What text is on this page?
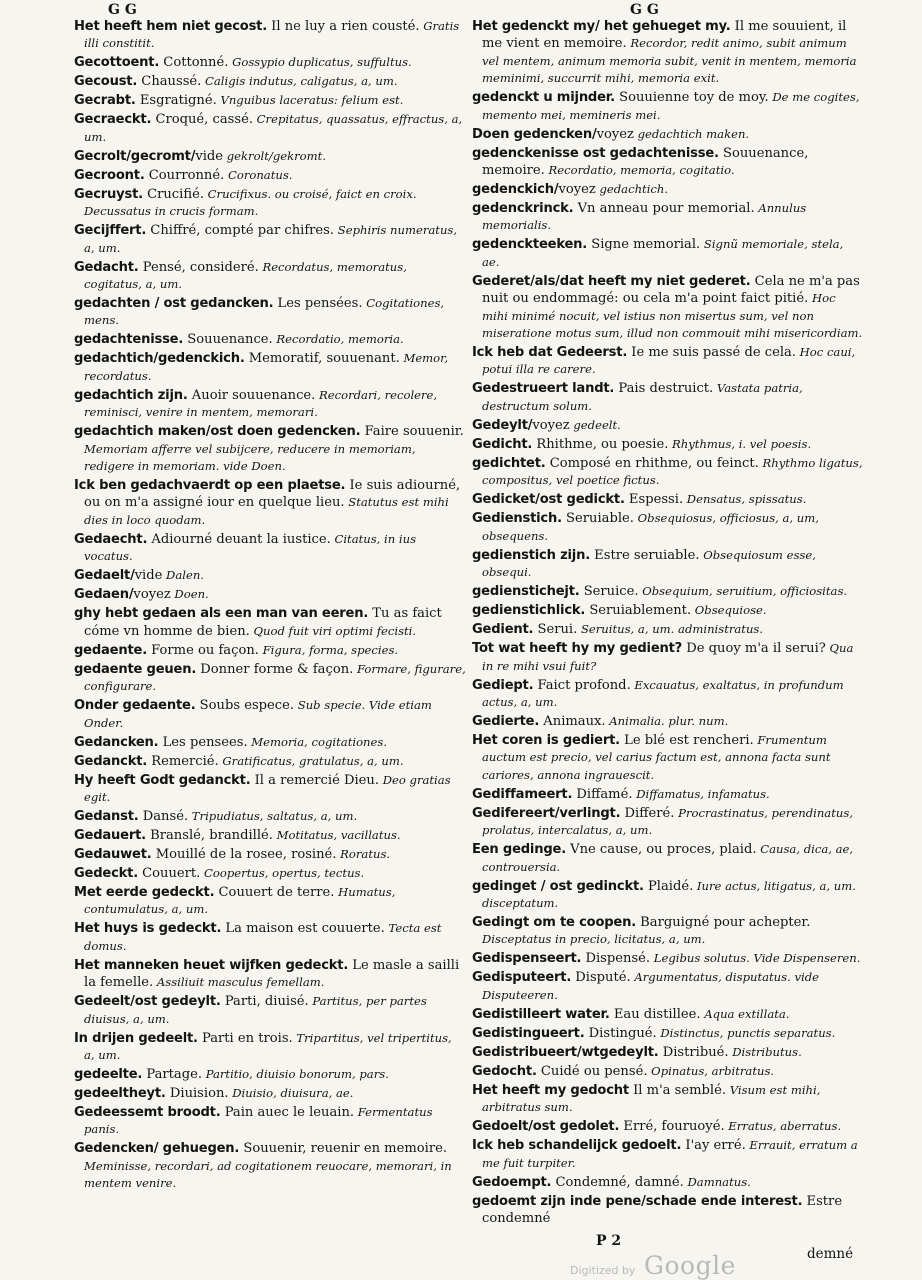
G G	G G
Het heeft hem niet gecost. Il ne luy a rien cousté. Gratis illi constitit.
Gecottoent. Cottonné. Gossypio duplicatus, suffultus.
Gecoust. Chaussé. Caligis indutus, caligatus, a, um.
Gecrabt. Esgratigné. Vnguibus laceratus: felium est.
Gecraeckt. Croqué, cassé. Crepitatus, quassatus, effractus, a, um.
Gecrolt/gecromt/vide gekrolt/gekromt.
Gecroont. Courronné. Coronatus.
Gecruyst. Crucifié. Crucifixus. ou croisé, faict en croix. Decussatus in crucis formam.
Gecijffert. Chiffré, compté par chifres. Sephiris numeratus, a, um.
Gedacht. Pensé, consideré. Recordatus, memoratus, cogitatus, a, um.
gedachten / ost gedancken. Les pensées. Cogitationes, mens.
gedachtenisse. Souuenance. Recordatio, memoria.
gedachtich/gedenckich. Memoratif, souuenant. Memor, recordatus.
gedachtich zijn. Auoir souuenance. Recordari, recolere, reminisci, venire in mentem, memorari.
gedachtich maken/ost doen gedencken. Faire souuenir. Memoriam afferre vel subijcere, reducere in memoriam, redigere in memoriam. vide Doen.
Ick ben gedachvaerdt op een plaetse. Ie suis adiourné, ou on m'a assigné iour en quelque lieu. Statutus est mihi dies in loco quodam.
Gedaecht. Adiourné deuant la iustice. Citatus, in ius vocatus.
Gedaelt/vide Dalen.
Gedaen/voyez Doen.
ghy hebt gedaen als een man van eeren. Tu as faict cóme vn homme de bien. Quod fuit viri optimi fecisti.
gedaente. Forme ou façon. Figura, forma, species.
gedaente geuen. Donner forme & façon. Formare, figurare, configurare.
Onder gedaente. Soubs espece. Sub specie. Vide etiam Onder.
Gedancken. Les pensees. Memoria, cogitationes.
Gedanckt. Remercié. Gratificatus, gratulatus, a, um.
Hy heeft Godt gedanckt. Il a remercié Dieu. Deo gratias egit.
Gedanst. Dansé. Tripudiatus, saltatus, a, um.
Gedauert. Branslé, brandillé. Motitatus, vacillatus.
Gedauwet. Mouillé de la rosee, rosiné. Roratus.
Gedeckt. Couuert. Coopertus, opertus, tectus.
Met eerde gedeckt. Couuert de terre. Humatus, contumulatus, a, um.
Het huys is gedeckt. La maison est couuerte. Tecta est domus.
Het manneken heuet wijfken gedeckt. Le masle a sailli la femelle. Assiliuit masculus femellam.
Gedeelt/ost gedeylt. Parti, diuisé. Partitus, per partes diuisus, a, um.
In drijen gedeelt. Parti en trois. Tripartitus, vel tripertitus, a, um.
gedeelte. Partage. Partitio, diuisio bonorum, pars.
gedeeltheyt. Diuision. Diuisio, diuisura, ae.
Gedeessemt broodt. Pain auec le leuain. Fermentatus panis.
Gedencken/ gehuegen. Souuenir, reuenir en memoire. Meminisse, recordari, ad cogitationem reuocare, memorari, in mentem venire.
Het gedenckt my/ het gehueget my. Il me souuient, il me vient en memoire. Recordor, redit animo, subit animum vel mentem, animum memoria subit, venit in mentem, memoria meminimi, succurrit mihi, memoria exit.
gedenckt u mijnder. Souuienne toy de moy. De me cogites, memento mei, memineris mei.
Doen gedencken/voyez gedachtich maken.
gedenckenisse ost gedachtenisse. Souuenance, memoire. Recordatio, memoria, cogitatio.
gedenckich/voyez gedachtich.
gedenckrinck. Vn anneau pour memorial. Annulus memorialis.
gedenckteeken. Signe memorial. Signũ memoriale, stela, ae.
Gederet/als/dat heeft my niet gederet. Cela ne m'a pas nuit ou endommagé: ou cela m'a point faict pitié. Hoc mihi minimé nocuit, vel istius non misertus sum, vel non miseratione motus sum, illud non commouit mihi misericordiam.
Ick heb dat Gedeerst. Ie me suis passé de cela. Hoc caui, potui illa re carere.
Gedestrueert landt. Pais destruict. Vastata patria, destructum solum.
Gedeylt/voyez gedeelt.
Gedicht. Rhithme, ou poesie. Rhythmus, i. vel poesis.
gedichtet. Composé en rhithme, ou feinct. Rhythmo ligatus, compositus, vel poetice fictus.
Gedicket/ost gedickt. Espessi. Densatus, spissatus.
Gedienstich. Seruiable. Obsequiosus, officiosus, a, um, obsequens.
gedienstich zijn. Estre seruiable. Obsequiosum esse, obsequi.
gedienstichejt. Seruice. Obsequium, seruitium, officiositas.
gedienstichlick. Seruiablement. Obsequiose.
Gedient. Serui. Seruitus, a, um. administratus.
Tot wat heeft hy my gedient? De quoy m'a il serui? Qua in re mihi vsui fuit?
Gediept. Faict profond. Excauatus, exaltatus, in profundum actus, a, um.
Gedierte. Animaux. Animalia. plur. num.
Het coren is gediert. Le blé est rencheri. Frumentum auctum est precio, vel carius factum est, annona facta sunt cariores, annona ingrauescit.
Gediffameert. Diffamé. Diffamatus, infamatus.
Gedifereert/verlingt. Differé. Procrastinatus, perendinatus, prolatus, intercalatus, a, um.
Een gedinge. Vne cause, ou proces, plaid. Causa, dica, ae, controuersia.
gedinget / ost gedinckt. Plaidé. Iure actus, litigatus, a, um. disceptatum.
Gedingt om te coopen. Barguigné pour achepter. Disceptatus in precio, licitatus, a, um.
Gedispenseert. Dispensé. Legibus solutus. Vide Dispenseren.
Gedisputeert. Disputé. Argumentatus, disputatus. vide Disputeeren.
Gedistilleert water. Eau distillee. Aqua extillata.
Gedistingueert. Distingué. Distinctus, punctis separatus.
Gedistribueert/wtgedeylt. Distribué. Distributus.
Gedocht. Cuidé ou pensé. Opinatus, arbitratus.
Het heeft my gedocht Il m'a semblé. Visum est mihi, arbitratus sum.
Gedoelt/ost gedolet. Erré, fouruoyé. Erratus, aberratus.
Ick heb schandelijck gedoelt. I'ay erré. Errauit, erratum a me fuit turpiter.
Gedoempt. Condemné, damné. Damnatus.
gedoemt zijn inde pene/schade ende interest. Estre condemné
P 2
demné
Digitized by Google
